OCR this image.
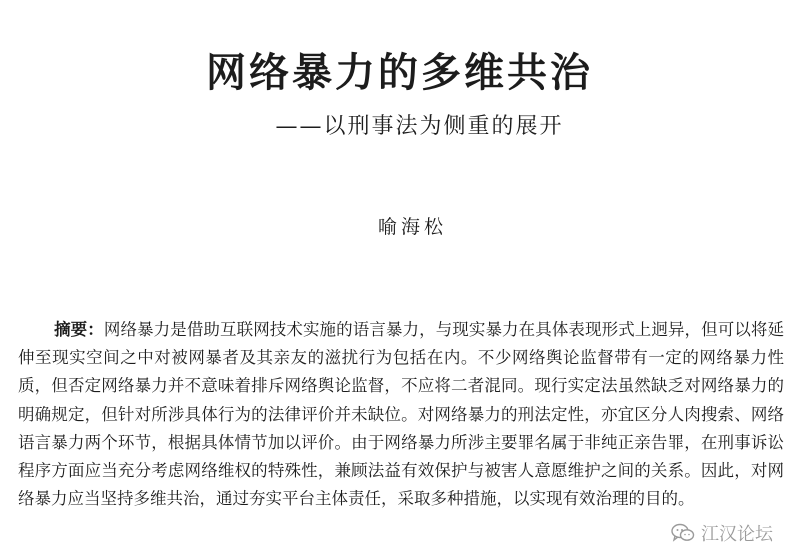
网络暴力的多维共治
——以刑事法为侧重的展开
喻海松

摘要：网络暴力是借助互联网技术实施的语言暴力，与现实暴力在具体表现形式上迥异，但可以将延伸至现实空间之中对被网暴者及其亲友的滋扰行为包括在内。不少网络舆论监督带有一定的网络暴力性质，但否定网络暴力并不意味着排斥网络舆论监督，不应将二者混同。现行实定法虽然缺乏对网络暴力的明确规定，但针对所涉具体行为的法律评价并未缺位。对网络暴力的刑法定性，亦宜区分人肉搜索、网络语言暴力两个环节，根据具体情节加以评价。由于网络暴力所涉主要罪名属于非纯正亲告罪，在刑事诉讼程序方面应当充分考虑网络维权的特殊性，兼顾法益有效保护与被害人意愿维护之间的关系。因此，对网络暴力应当坚持多维共治，通过夯实平台主体责任，采取多种措施，以实现有效治理的目的。

江汉论坛
